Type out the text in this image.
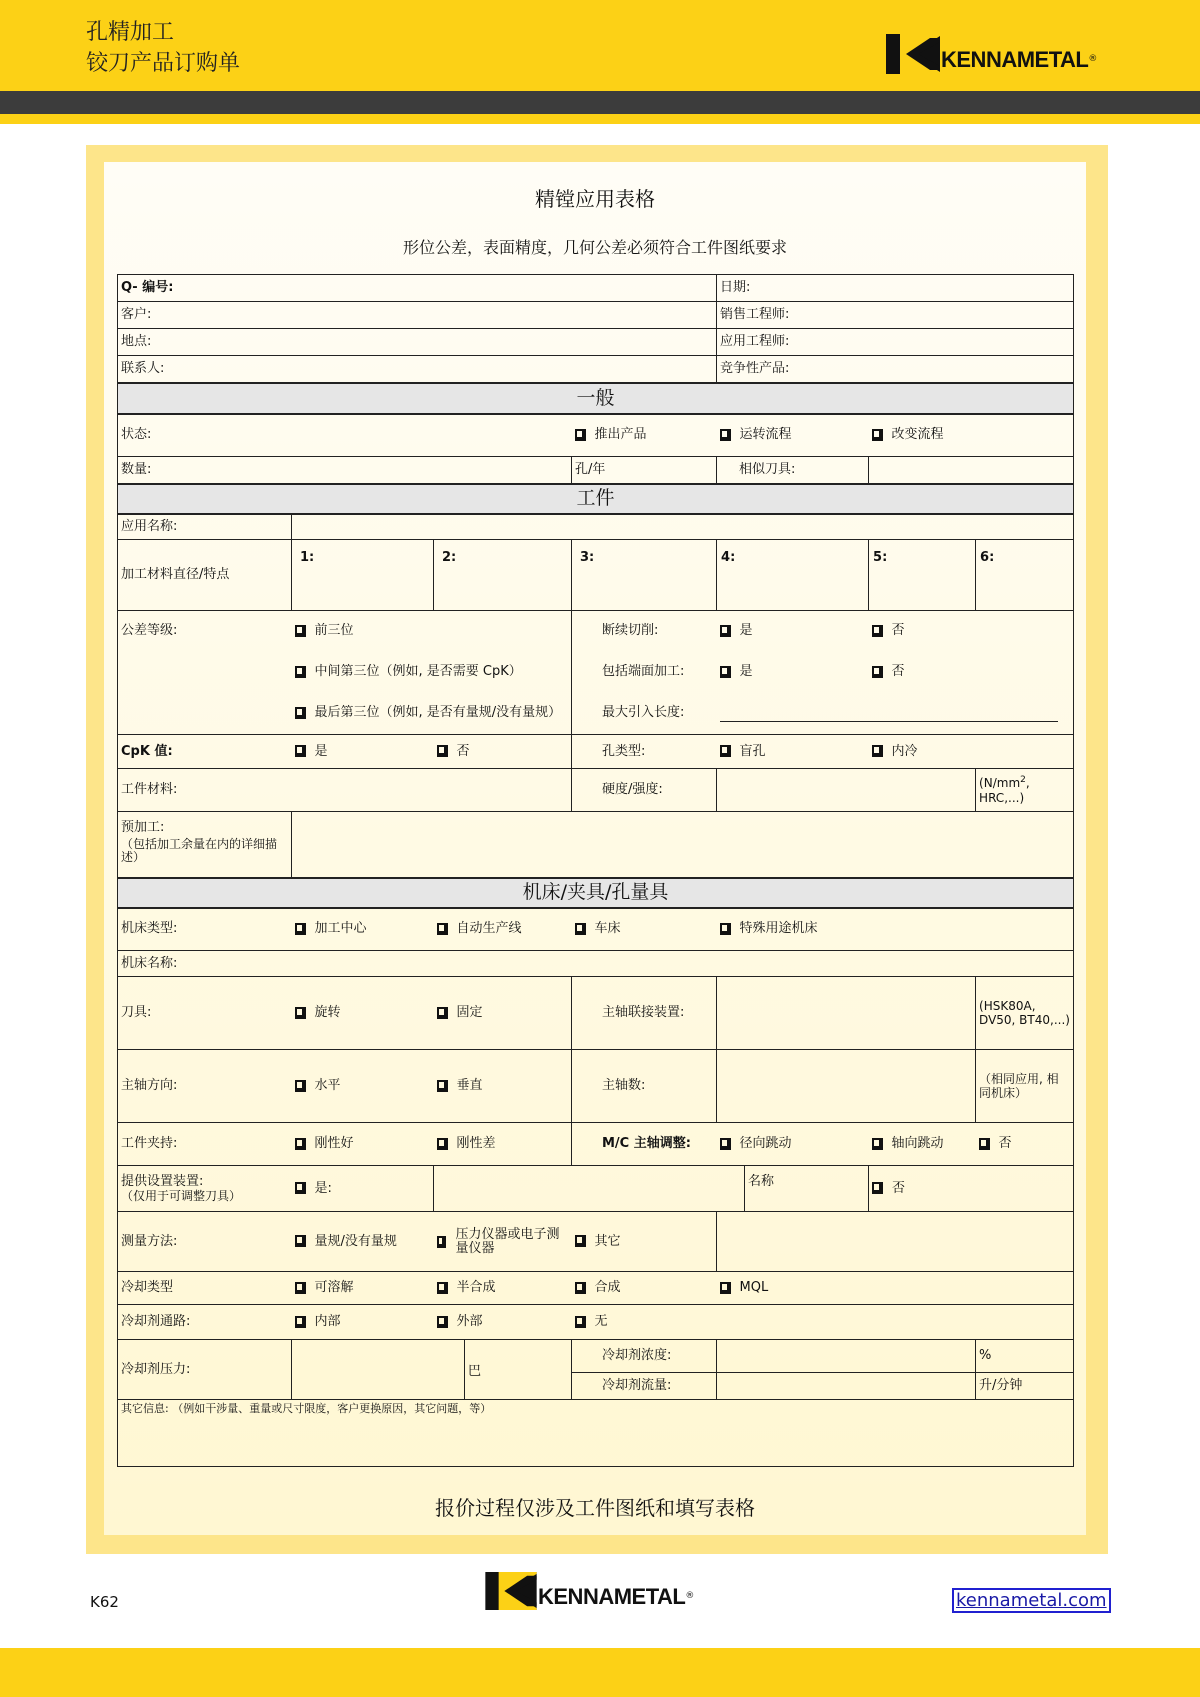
孔精加工
铰刀产品订购单	KENNAMETAL ®
精镗应用表格
形位公差，表面精度，几何公差必须符合工件图纸要求
Q- 编号:				日期:		
客户:				销售工程师:		
地点:				应用工程师:		
联系人:				竞争性产品:		
一般						
状态:			推出产品	运转流程	改变流程	
数量:			孔/年	相似刀具:		
工件						
应用名称:						
加工材料直径/特点	1:	2:	3:	4:	5:	6:
公差等级:	前三位		断续切削:	是	否	
	中间第三位（例如, 是否需要 CpK）		包括端面加工:	是	否	

	最后第三位（例如, 是否有量规/没有量规）		最大引入长度:			

CpK 值:	是	否	孔类型:	盲孔	内冷	
工件材料:			硬度/强度:			($N/mm^2$,
HRC,...)

预加工:
（包括加工余量在内的详细描述）						

机床/夹具/孔量具						
机床类型:	加工中心	自动生产线	车床	特殊用途机床		
机床名称:						
刀具:	旋转	固定	主轴联接装置:			(HSK80A, DV50, BT40,...)
主轴方向:	水平	垂直	主轴数:			（相同应用, 相同机床）
工件夹持:	刚性好	刚性差	M/C 主轴调整:	径向跳动	轴向跳动	否

提供设置装置:
（仅用于可调整刀具）	是:	名称			否	
测量方法:	量规/没有量规	压力仪器或电子测量仪器	其它			
冷却类型	可溶解	半合成	合成	MQL		
冷却剂通路:	内部	外部	无			
冷却剂压力:	巴		冷却剂浓度:			%
			冷却剂流量:			升/分钟
其它信息: （例如干涉量、重量或尺寸限度，客户更换原因，其它问题，等）						
报价过程仅涉及工件图纸和填写表格
K62	KENNAMETAL ®	kennametal.com
